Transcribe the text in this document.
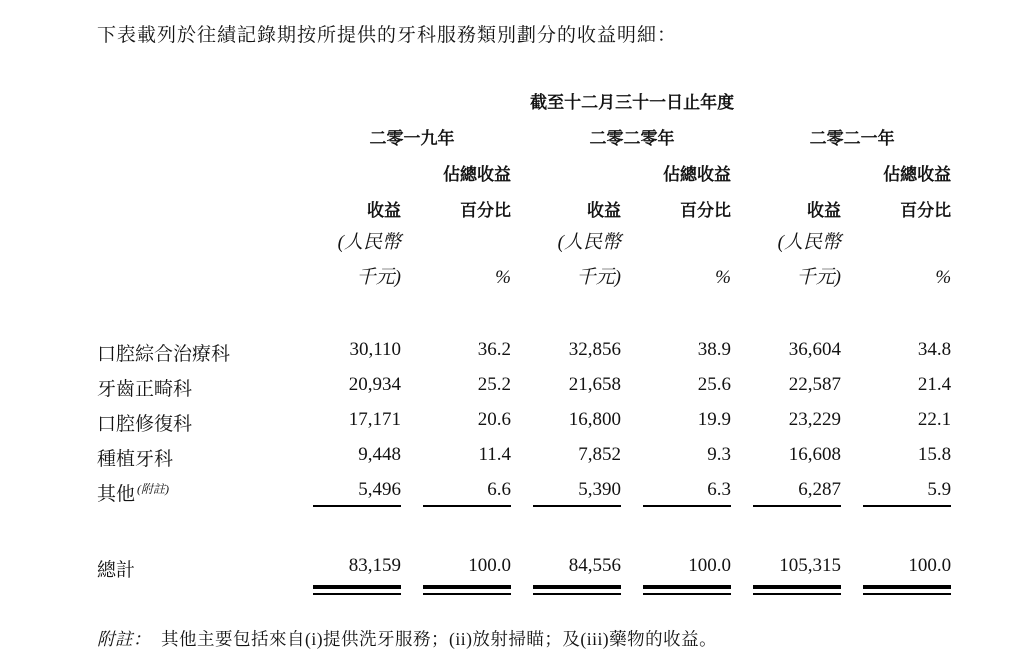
下表載列於往績記錄期按所提供的牙科服務類別劃分的收益明細：
	截至十二月三十一日止年度										
	二零一九年				二零二零年				二零二一年		
			佔總收益				佔總收益				佔總收益
	收益		百分比		收益		百分比		收益		百分比
	(人民幣				(人民幣				(人民幣		
	千元)		%		千元)		%		千元)		%

口腔綜合治療科	30,110		36.2		32,856		38.9		36,604		34.8
牙齒正畸科	20,934		25.2		21,658		25.6		22,587		21.4
口腔修復科	17,171		20.6		16,800		19.9		23,229		22.1
種植牙科	9,448		11.4		7,852		9.3		16,608		15.8
其他 $^{(附註)}$	5,496		6.6		5,390		6.3		6,287		5.9

總計	83,159		100.0		84,556		100.0		105,315		100.0

附註： 其他主要包括來自(i)提供洗牙服務；(ii)放射掃瞄；及(iii)藥物的收益。
